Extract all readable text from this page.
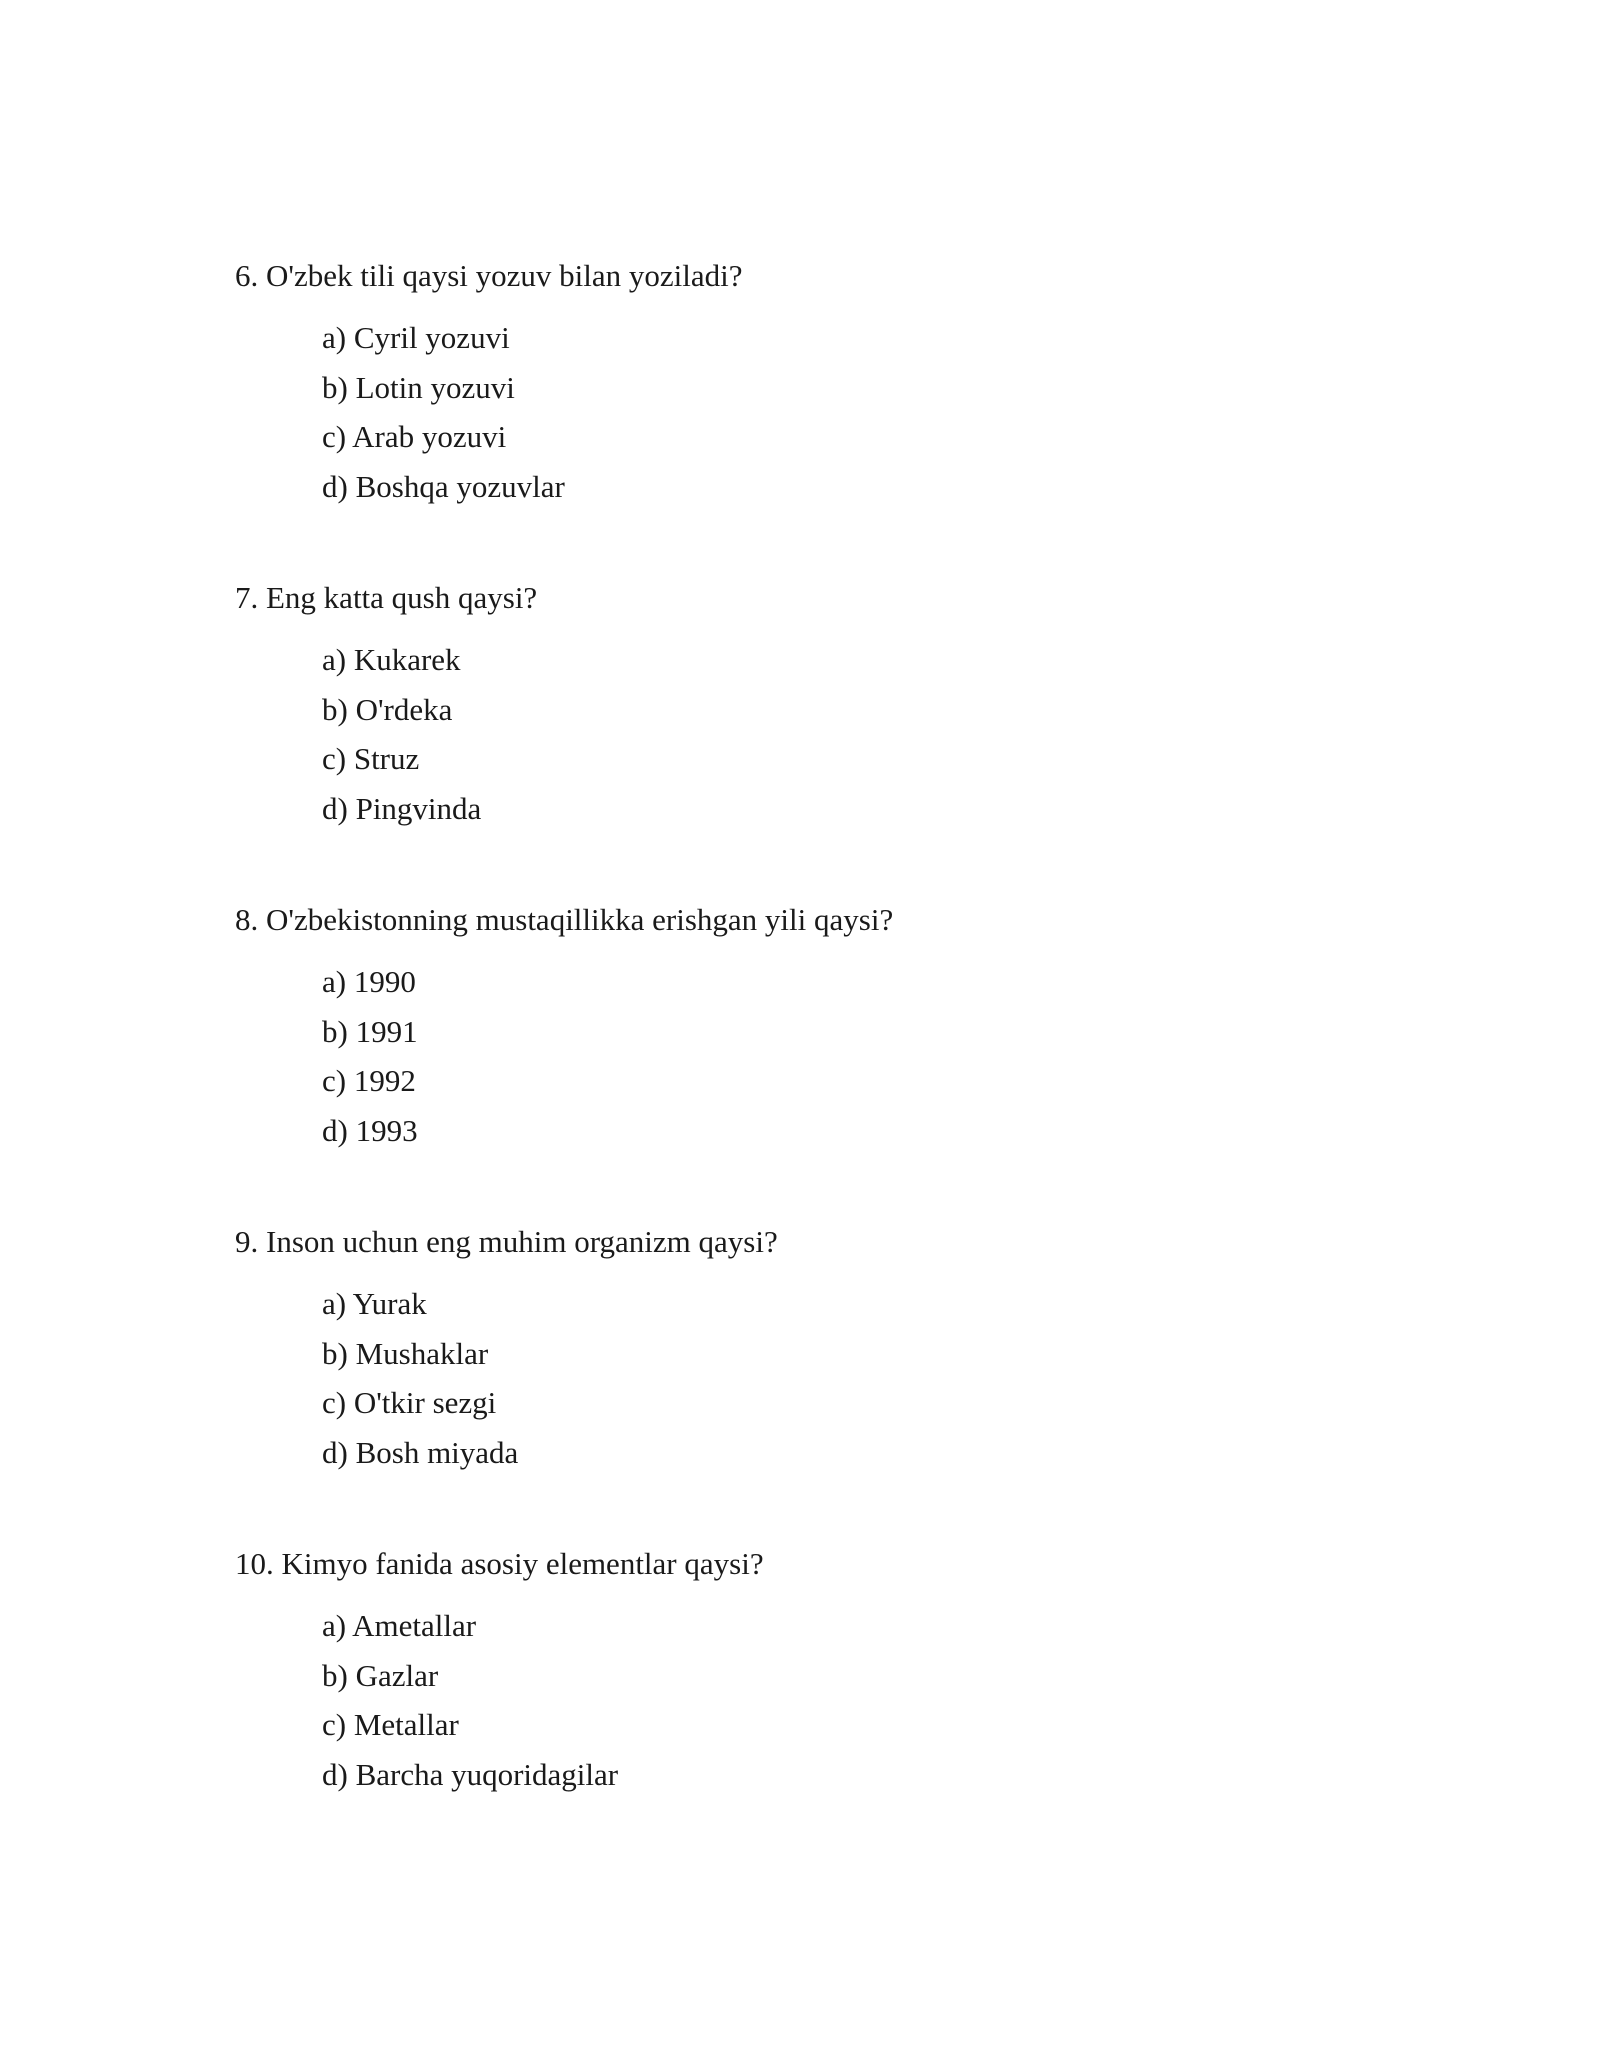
6. O'zbek tili qaysi yozuv bilan yoziladi?

a) Cyril yozuvi
b) Lotin yozuvi
c) Arab yozuvi
d) Boshqa yozuvlar

7. Eng katta qush qaysi?

a) Kukarek
b) O'rdeka
c) Struz
d) Pingvinda

8. O'zbekistonning mustaqillikka erishgan yili qaysi?

a) 1990
b) 1991
c) 1992
d) 1993

9. Inson uchun eng muhim organizm qaysi?

a) Yurak
b) Mushaklar
c) O'tkir sezgi
d) Bosh miyada

10. Kimyo fanida asosiy elementlar qaysi?

a) Ametallar
b) Gazlar
c) Metallar
d) Barcha yuqoridagilar
